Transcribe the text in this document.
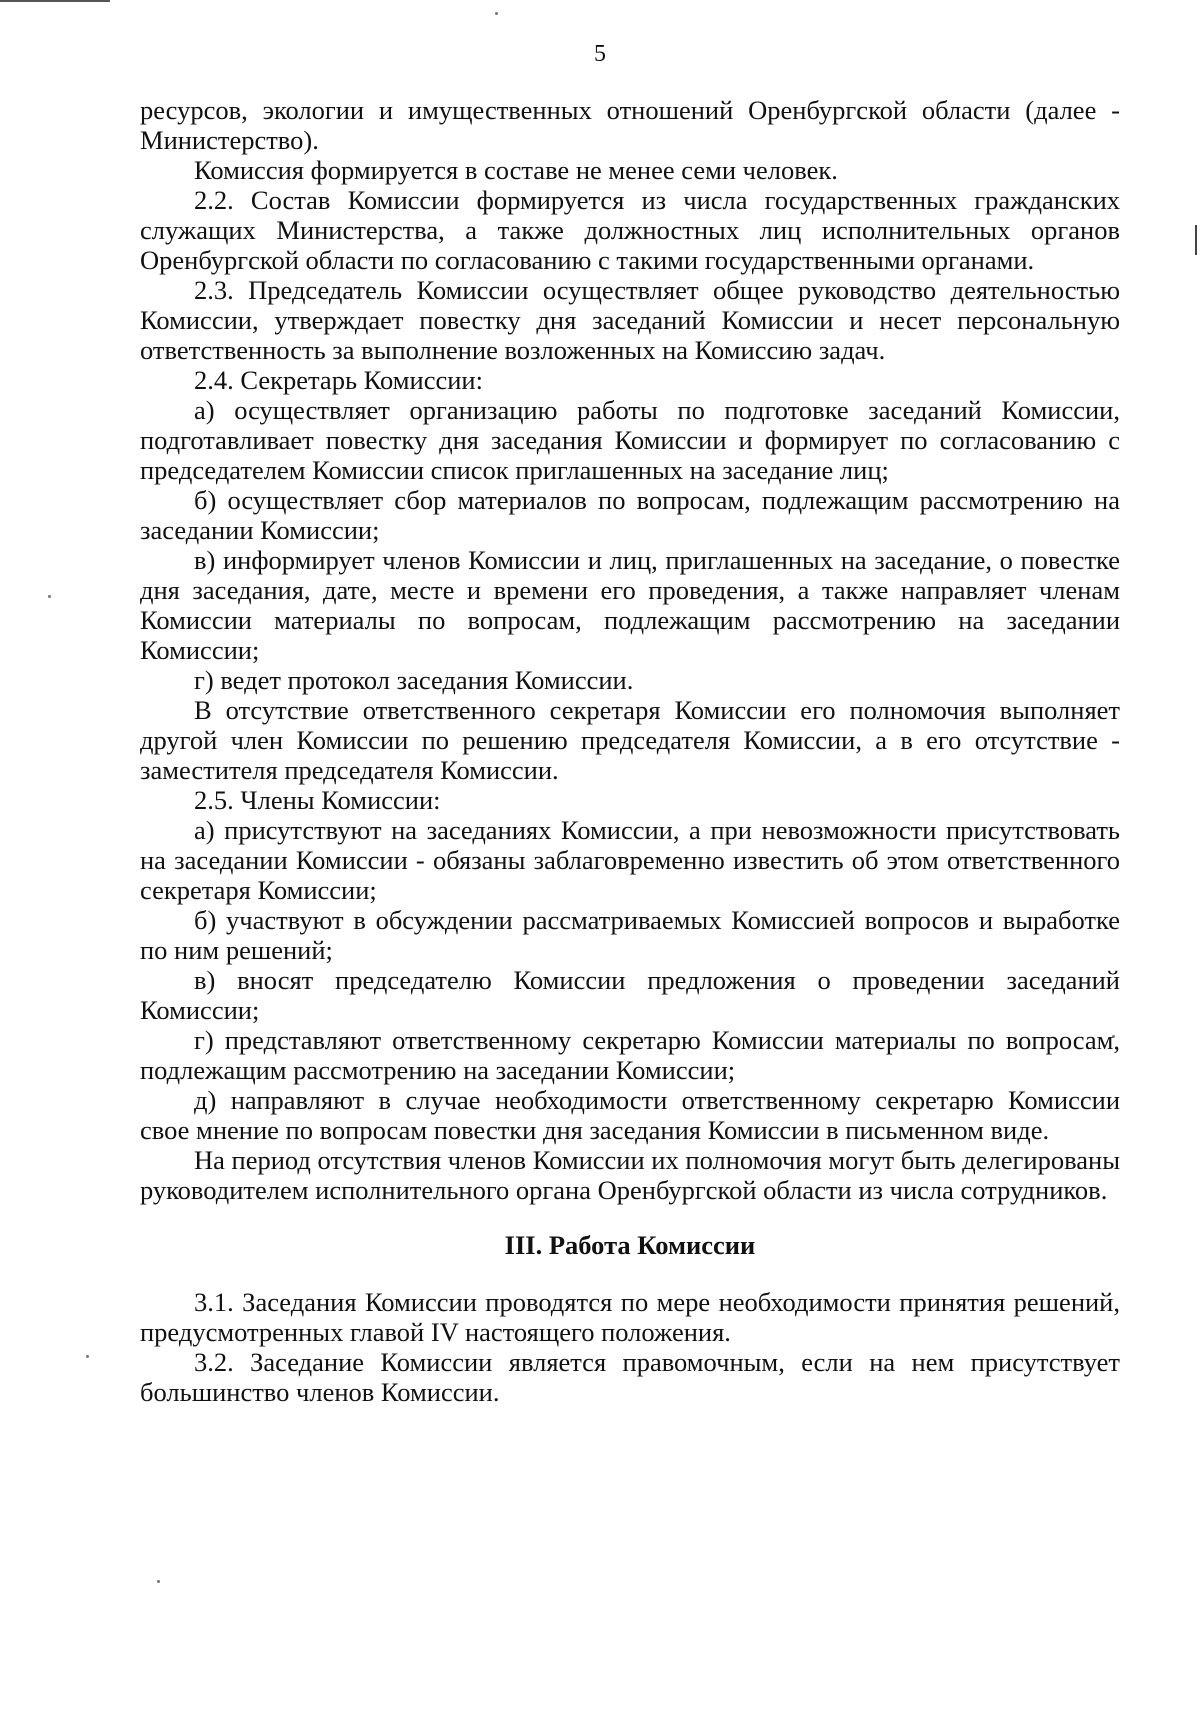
5

ресурсов, экологии и имущественных отношений Оренбургской области (далее - Министерство).

Комиссия формируется в составе не менее семи человек.

2.2. Состав Комиссии формируется из числа государственных гражданских служащих Министерства, а также должностных лиц исполнительных органов Оренбургской области по согласованию с такими государственными органами.

2.3. Председатель Комиссии осуществляет общее руководство деятельностью Комиссии, утверждает повестку дня заседаний Комиссии и несет персональную ответственность за выполнение возложенных на Комиссию задач.

2.4. Секретарь Комиссии:

а) осуществляет организацию работы по подготовке заседаний Комиссии, подготавливает повестку дня заседания Комиссии и формирует по согласованию с председателем Комиссии список приглашенных на заседание лиц;

б) осуществляет сбор материалов по вопросам, подлежащим рассмотрению на заседании Комиссии;

в) информирует членов Комиссии и лиц, приглашенных на заседание, о повестке дня заседания, дате, месте и времени его проведения, а также направляет членам Комиссии материалы по вопросам, подлежащим рассмотрению на заседании Комиссии;

г) ведет протокол заседания Комиссии.

В отсутствие ответственного секретаря Комиссии его полномочия выполняет другой член Комиссии по решению председателя Комиссии, а в его отсутствие - заместителя председателя Комиссии.

2.5. Члены Комиссии:

а) присутствуют на заседаниях Комиссии, а при невозможности присутствовать на заседании Комиссии - обязаны заблаговременно известить об этом ответственного секретаря Комиссии;

б) участвуют в обсуждении рассматриваемых Комиссией вопросов и выработке по ним решений;

в) вносят председателю Комиссии предложения о проведении заседаний Комиссии;

г) представляют ответственному секретарю Комиссии материалы по вопросам, подлежащим рассмотрению на заседании Комиссии;

д) направляют в случае необходимости ответственному секретарю Комиссии свое мнение по вопросам повестки дня заседания Комиссии в письменном виде.

На период отсутствия членов Комиссии их полномочия могут быть делегированы руководителем исполнительного органа Оренбургской области из числа сотрудников.

III. Работа Комиссии

3.1. Заседания Комиссии проводятся по мере необходимости принятия решений, предусмотренных главой IV настоящего положения.

3.2. Заседание Комиссии является правомочным, если на нем присутствует большинство членов Комиссии.
